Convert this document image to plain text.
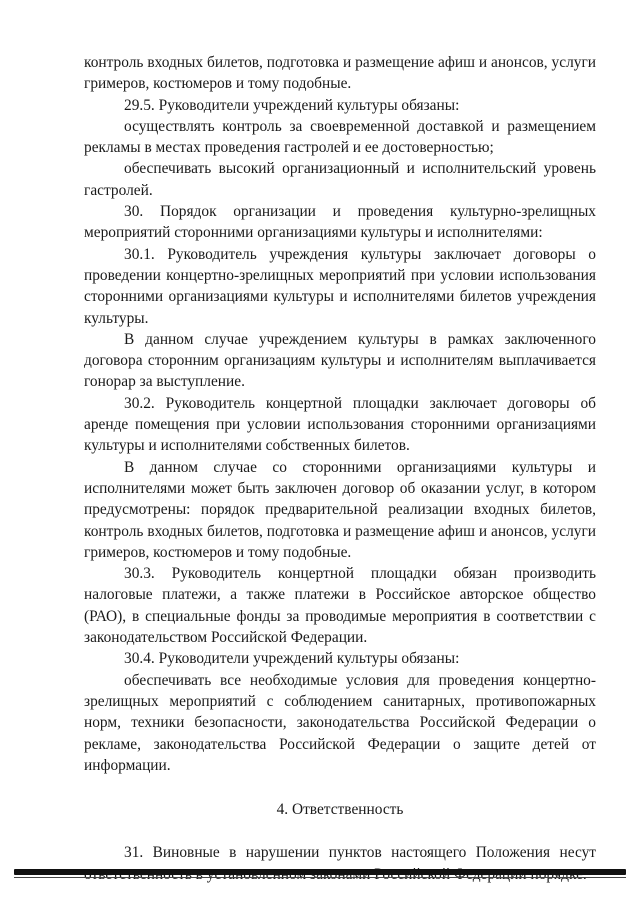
контроль входных билетов, подготовка и размещение афиш и анонсов, услуги гримеров, костюмеров и тому подобные.

29.5. Руководители учреждений культуры обязаны:

осуществлять контроль за своевременной доставкой и размещением рекламы в местах проведения гастролей и ее достоверностью;

обеспечивать высокий организационный и исполнительский уровень гастролей.

30. Порядок организации и проведения культурно-зрелищных мероприятий сторонними организациями культуры и исполнителями:

30.1. Руководитель учреждения культуры заключает договоры о проведении концертно-зрелищных мероприятий при условии использования сторонними организациями культуры и исполнителями билетов учреждения культуры.

В данном случае учреждением культуры в рамках заключенного договора сторонним организациям культуры и исполнителям выплачивается гонорар за выступление.

30.2. Руководитель концертной площадки заключает договоры об аренде помещения при условии использования сторонними организациями культуры и исполнителями собственных билетов.

В данном случае со сторонними организациями культуры и исполнителями может быть заключен договор об оказании услуг, в котором предусмотрены: порядок предварительной реализации входных билетов, контроль входных билетов, подготовка и размещение афиш и анонсов, услуги гримеров, костюмеров и тому подобные.

30.3. Руководитель концертной площадки обязан производить налоговые платежи, а также платежи в Российское авторское общество (РАО), в специальные фонды за проводимые мероприятия в соответствии с законодательством Российской Федерации.

30.4. Руководители учреждений культуры обязаны:

обеспечивать все необходимые условия для проведения концертно-зрелищных мероприятий с соблюдением санитарных, противопожарных норм, техники безопасности, законодательства Российской Федерации о рекламе, законодательства Российской Федерации о защите детей от информации.

4. Ответственность

31. Виновные в нарушении пунктов настоящего Положения несут
